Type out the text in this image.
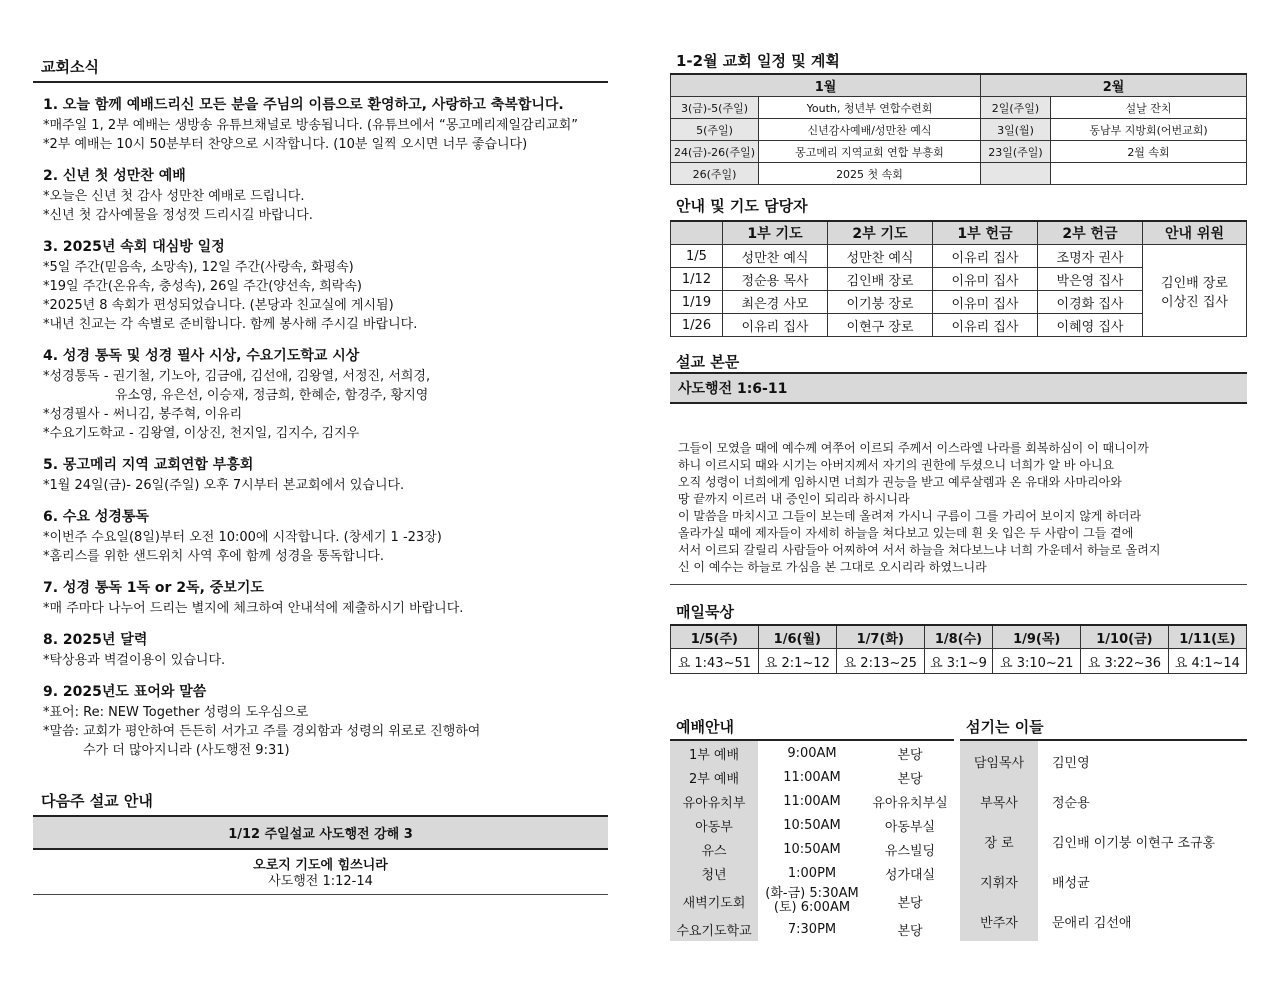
교회소식
1. 오늘 함께 예배드리신 모든 분을 주님의 이름으로 환영하고, 사랑하고 축복합니다.
*매주일 1, 2부 예배는 생방송 유튜브채널로 방송됩니다. (유튜브에서 “몽고메리제일감리교회”
*2부 예배는 10시 50분부터 찬양으로 시작합니다. (10분 일찍 오시면 너무 좋습니다)
2. 신년 첫 성만찬 예배
*오늘은 신년 첫 감사 성만찬 예배로 드립니다.
*신년 첫 감사예물을 정성껏 드리시길 바랍니다.
3. 2025년 속회 대심방 일정
*5일 주간(믿음속, 소망속), 12일 주간(사랑속, 화평속)
*19일 주간(온유속, 충성속), 26일 주간(양선속, 희락속)
*2025년 8 속회가 편성되었습니다. (본당과 친교실에 게시됨)
*내년 친교는 각 속별로 준비합니다. 함께 봉사해 주시길 바랍니다.
4. 성경 통독 및 성경 필사 시상, 수요기도학교 시상
*성경통독 - 권기철, 기노아, 김금애, 김선애, 김왕열, 서정진, 서희경,
유소영, 유은선, 이승재, 정금희, 한혜순, 함경주, 황지영
*성경필사 - 써니김, 봉주혁, 이유리
*수요기도학교 - 김왕열, 이상진, 천지일, 김지수, 김지우
5. 몽고메리 지역 교회연합 부흥회
*1월 24일(금)- 26일(주일) 오후 7시부터 본교회에서 있습니다.
6. 수요 성경통독
*이번주 수요일(8일)부터 오전 10:00에 시작합니다. (창세기 1 -23장)
*홈리스를 위한 샌드위치 사역 후에 함께 성경을 통독합니다.
7. 성경 통독 1독 or 2독, 중보기도
*매 주마다 나누어 드리는 별지에 체크하여 안내석에 제출하시기 바랍니다.
8. 2025년 달력
*탁상용과 벽걸이용이 있습니다.
9. 2025년도 표어와 말씀
*표어: Re: NEW Together 성령의 도우심으로
*말씀: 교회가 평안하여 든든히 서가고 주를 경외함과 성령의 위로로 진행하여
수가 더 많아지니라 (사도행전 9:31)
다음주 설교 안내
1/12 주일설교 사도행전 강해 3
오로지 기도에 힘쓰니라
사도행전 1:12-14
1-2월 교회 일정 및 계획
1월		2월	
3(금)-5(주일)	Youth, 청년부 연합수련회	2일(주일)	설날 잔치
5(주일)	신년감사예배/성만찬 예식	3일(월)	동남부 지방회(어번교회)
24(금)-26(주일)	몽고메리 지역교회 연합 부흥회	23일(주일)	2월 속회
26(주일)	2025 첫 속회		
안내 및 기도 담당자
	1부 기도	2부 기도	1부 헌금	2부 헌금	안내 위원
1/5	성만찬 예식	성만찬 예식	이유리 집사	조명자 권사	김인배 장로
이상진 집사

1/12	정순용 목사	김인배 장로	이유미 집사	박은영 집사	
1/19	최은경 사모	이기붕 장로	이유미 집사	이경화 집사	
1/26	이유리 집사	이현구 장로	이유리 집사	이혜영 집사	
설교 본문
사도행전 1:6-11
그들이 모였을 때에 예수께 여쭈어 이르되 주께서 이스라엘 나라를 회복하심이 이 때니이까
하니 이르시되 때와 시기는 아버지께서 자기의 권한에 두셨으니 너희가 알 바 아니요
오직 성령이 너희에게 임하시면 너희가 권능을 받고 예루살렘과 온 유대와 사마리아와
땅 끝까지 이르러 내 증인이 되리라 하시니라
이 말씀을 마치시고 그들이 보는데 올려져 가시니 구름이 그를 가리어 보이지 않게 하더라
올라가실 때에 제자들이 자세히 하늘을 쳐다보고 있는데 흰 옷 입은 두 사람이 그들 곁에
서서 이르되 갈릴리 사람들아 어찌하여 서서 하늘을 쳐다보느냐 너희 가운데서 하늘로 올려지
신 이 예수는 하늘로 가심을 본 그대로 오시리라 하였느니라
매일묵상
1/5(주)	1/6(월)	1/7(화)	1/8(수)	1/9(목)	1/10(금)	1/11(토)
요 1:43~51	요 2:1~12	요 2:13~25	요 3:1~9	요 3:10~21	요 3:22~36	요 4:1~14
예배안내
1부 예배	9:00AM	본당
2부 예배	11:00AM	본당
유아유치부	11:00AM	유아유치부실
아동부	10:50AM	아동부실
유스	10:50AM	유스빌딩
청년	1:00PM	성가대실
새벽기도회	(화-금) 5:30AM
(토) 6:00AM	본당
수요기도학교	7:30PM	본당
섬기는 이들
담임목사	김민영
부목사	정순용
장 로	김인배 이기붕 이현구 조규홍
지휘자	배성균
반주자	문애리 김선애
